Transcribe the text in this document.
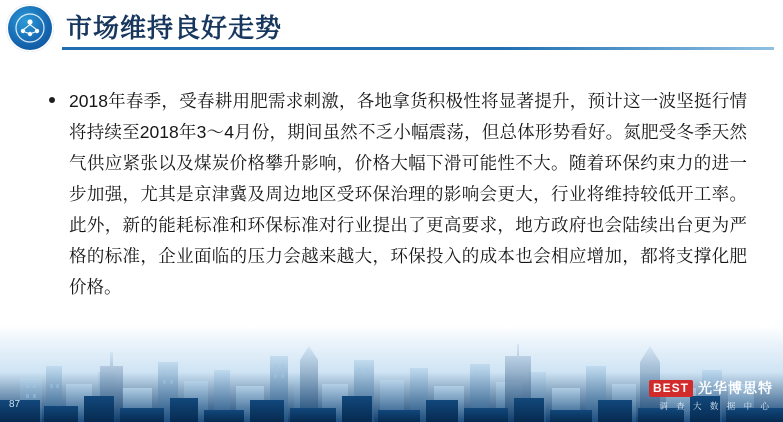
市场维持良好走势
2018年春季，受春耕用肥需求刺激，各地拿货积极性将显著提升，预计这一波坚挺行情将持续至2018年3～4月份，期间虽然不乏小幅震荡，但总体形势看好。氮肥受冬季天然气供应紧张以及煤炭价格攀升影响，价格大幅下滑可能性不大。随着环保约束力的进一步加强，尤其是京津冀及周边地区受环保治理的影响会更大，行业将维持较低开工率。此外，新的能耗标准和环保标准对行业提出了更高要求，地方政府也会陆续出台更为严格的标准，企业面临的压力会越来越大，环保投入的成本也会相应增加，都将支撑化肥价格。
87
BEST 光华博思特
调 查 大 数 据 中 心
